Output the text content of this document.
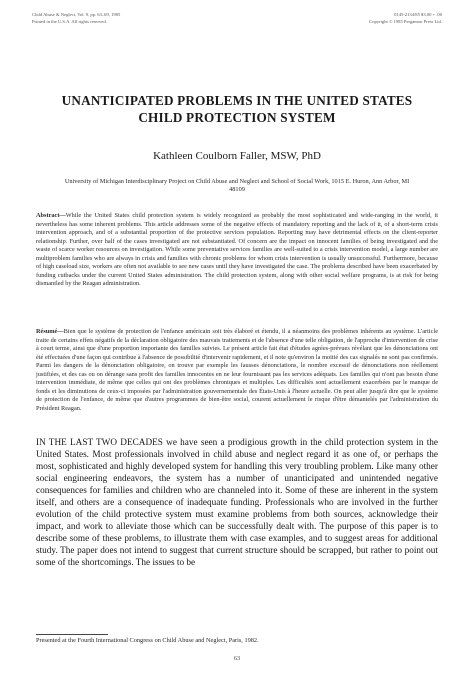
Child Abuse & Neglect, Vol. 9, pp. 63–69, 1985
Printed in the U.S.A. All rights reserved.
0145-2134/85 $3.00 + .00
Copyright © 1985 Pergamon Press Ltd.
UNANTICIPATED PROBLEMS IN THE UNITED STATES
CHILD PROTECTION SYSTEM
Kathleen Coulborn Faller, MSW, PhD
University of Michigan Interdisciplinary Project on Child Abuse and Neglect and School of Social Work, 1015 E. Huron, Ann Arbor, MI 48109
Abstract—While the United States child protection system is widely recognized as probably the most sophisticated and wide-ranging in the world, it nevertheless has some inherent problems. This article addresses some of the negative effects of mandatory reporting and the lack of it, of a short-term crisis intervention approach, and of a substantial proportion of the protective services population. Reporting may have detrimental effects on the client-reporter relationship. Further, over half of the cases investigated are not substantiated. Of concern are the impact on innocent families of being investigated and the waste of scarce worker resources on investigation. While some preventative services families are well-suited to a crisis intervention model, a large number are multiproblem families who are always in crisis and families with chronic problems for whom crisis intervention is usually unsuccessful. Furthermore, because of high caseload size, workers are often not available to see new cases until they have investigated the case. The problems described have been exacerbated by funding cutbacks under the current United States administration. The child protection system, along with other social welfare programs, is at risk for being dismantled by the Reagan administration.
Résumé—Bien que le système de protection de l'enfance américain soit très élaboré et étendu, il a néanmoins des problèmes inhérents au système. L'article traite de certains effets négatifs de la déclaration obligatoire des mauvais traitements et de l'absence d'une telle obligation, de l'approche d'intervention de crise à court terme, ainsi que d'une proportion importante des familles suivies. Le présent article fait état d'études agrées-prévues révélant que les dénonciations ont été effectuées d'une façon qui contribue à l'absence de possibilité d'intervenir rapidement, et il note qu'environ la moitié des cas signalés ne sont pas confirmés. Parmi les dangers de la dénonciation obligatoire, on trouve par exemple les fausses dénonciations, le nombre excessif de dénonciations non réellement justifiées, et des cas ou on dérange sans profit des familles innocentes en ne leur fournissant pas les services adéquats. Les familles qui n'ont pas besoin d'une intervention immédiate, de même que celles qui ont des problèmes chroniques et multiples. Les difficultés sont actuellement exacerbées par le manque de fonds et les diminutions de ceux-ci imposées par l'administration gouvernementale des États-Unis à l'heure actuelle. On peut aller jusqu'à dire que le système de protection de l'enfance, de même que d'autres programmes de bien-être social, courent actuellement le risque d'être démantelés par l'administration du Président Reagan.
IN THE LAST TWO DECADES we have seen a prodigious growth in the child protection system in the United States. Most professionals involved in child abuse and neglect regard it as one of, or perhaps the most, sophisticated and highly developed system for handling this very troubling problem. Like many other social engineering endeavors, the system has a number of unanticipated and unintended negative consequences for families and children who are channeled into it. Some of these are inherent in the system itself, and others are a consequence of inadequate funding. Professionals who are involved in the further evolution of the child protective system must examine problems from both sources, acknowledge their impact, and work to alleviate those which can be successfully dealt with. The purpose of this paper is to describe some of these problems, to illustrate them with case examples, and to suggest areas for additional study. The paper does not intend to suggest that current structure should be scrapped, but rather to point out some of the shortcomings. The issues to be
Presented at the Fourth International Congress on Child Abuse and Neglect, Paris, 1982.
63
